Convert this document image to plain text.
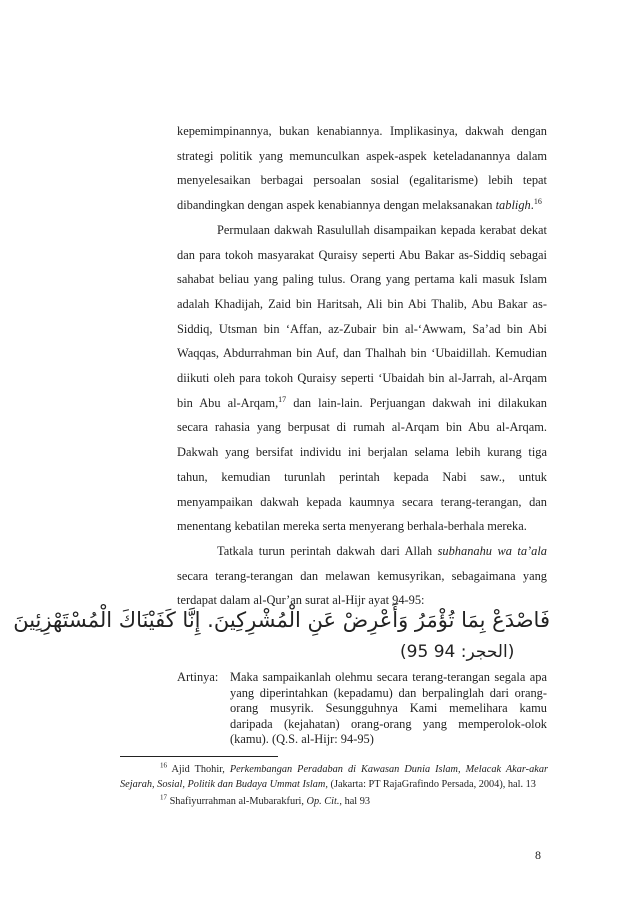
kepemimpinannya, bukan kenabiannya. Implikasinya, dakwah dengan strategi politik yang memunculkan aspek-aspek keteladanannya dalam menyelesaikan berbagai persoalan sosial (egalitarisme) lebih tepat dibandingkan dengan aspek kenabiannya dengan melaksanakan tabligh.$^{16}$

Permulaan dakwah Rasulullah disampaikan kepada kerabat dekat dan para tokoh masyarakat Quraisy seperti Abu Bakar as-Siddiq sebagai sahabat beliau yang paling tulus. Orang yang pertama kali masuk Islam adalah Khadijah, Zaid bin Haritsah, Ali bin Abi Thalib, Abu Bakar as-Siddiq, Utsman bin ‘Affan, az-Zubair bin al-‘Awwam, Sa’ad bin Abi Waqqas, Abdurrahman bin Auf, dan Thalhah bin ‘Ubaidillah. Kemudian diikuti oleh para tokoh Quraisy seperti ‘Ubaidah bin al-Jarrah, al-Arqam bin Abu al-Arqam,$^{17}$ dan lain-lain. Perjuangan dakwah ini dilakukan secara rahasia yang berpusat di rumah al-Arqam bin Abu al-Arqam. Dakwah yang bersifat individu ini berjalan selama lebih kurang tiga tahun, kemudian turunlah perintah kepada Nabi saw., untuk menyampaikan dakwah kepada kaumnya secara terang-terangan, dan menentang kebatilan mereka serta menyerang berhala-berhala mereka.

Tatkala turun perintah dakwah dari Allah subhanahu wa ta’ala secara terang-terangan dan melawan kemusyrikan, sebagaimana yang terdapat dalam al-Qur’an surat al-Hijr ayat 94-95:

فَاصْدَعْ بِمَا تُؤْمَرُ وَأَعْرِضْ عَنِ الْمُشْرِكِينَ. إِنَّا كَفَيْنَاكَ الْمُسْتَهْزِئِينَ
(الحجر: 94 95)
Artinya: Maka sampaikanlah olehmu secara terang-terangan segala apa yang diperintahkan (kepadamu) dan berpalinglah dari orang-orang musyrik. Sesungguhnya Kami memelihara kamu daripada (kejahatan) orang-orang yang memperolok-olok (kamu). (Q.S. al-Hijr: 94-95)

$^{16}$ Ajid Thohir, Perkembangan Peradaban di Kawasan Dunia Islam, Melacak Akar-akar Sejarah, Sosial, Politik dan Budaya Ummat Islam, (Jakarta: PT RajaGrafindo Persada, 2004), hal. 13

$^{17}$ Shafiyurrahman al-Mubarakfuri, Op. Cit., hal 93

8
